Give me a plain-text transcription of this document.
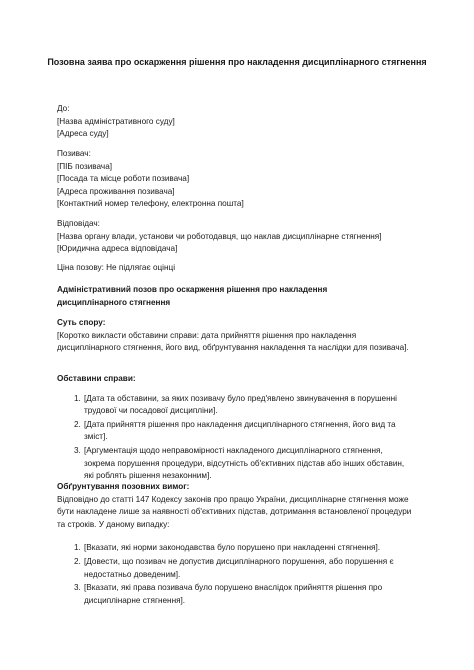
Позовна заява про оскарження рішення про накладення дисциплінарного стягнення
До:
[Назва адміністративного суду]
[Адреса суду]
Позивач:
[ПІБ позивача]
[Посада та місце роботи позивача]
[Адреса проживання позивача]
[Контактний номер телефону, електронна пошта]
Відповідач:
[Назва органу влади, установи чи роботодавця, що наклав дисциплінарне стягнення]
[Юридична адреса відповідача]
Ціна позову: Не підлягає оцінці
Адміністративний позов про оскарження рішення про накладення дисциплінарного стягнення
Суть спору:
[Коротко викласти обставини справи: дата прийняття рішення про накладення дисциплінарного стягнення, його вид, обґрунтування накладення та наслідки для позивача].
Обставини справи:
1. [Дата та обставини, за яких позивачу було пред'явлено звинувачення в порушенні трудової чи посадової дисципліни].
2. [Дата прийняття рішення про накладення дисциплінарного стягнення, його вид та зміст].
3. [Аргументація щодо неправомірності накладеного дисциплінарного стягнення, зокрема порушення процедури, відсутність об'єктивних підстав або інших обставин, які роблять рішення незаконним].
Обґрунтування позовних вимог:
Відповідно до статті 147 Кодексу законів про працю України, дисциплінарне стягнення може бути накладене лише за наявності об'єктивних підстав, дотримання встановленої процедури та строків. У даному випадку:
1. [Вказати, які норми законодавства було порушено при накладенні стягнення].
2. [Довести, що позивач не допустив дисциплінарного порушення, або порушення є недостатньо доведеним].
3. [Вказати, які права позивача було порушено внаслідок прийняття рішення про дисциплінарне стягнення].
